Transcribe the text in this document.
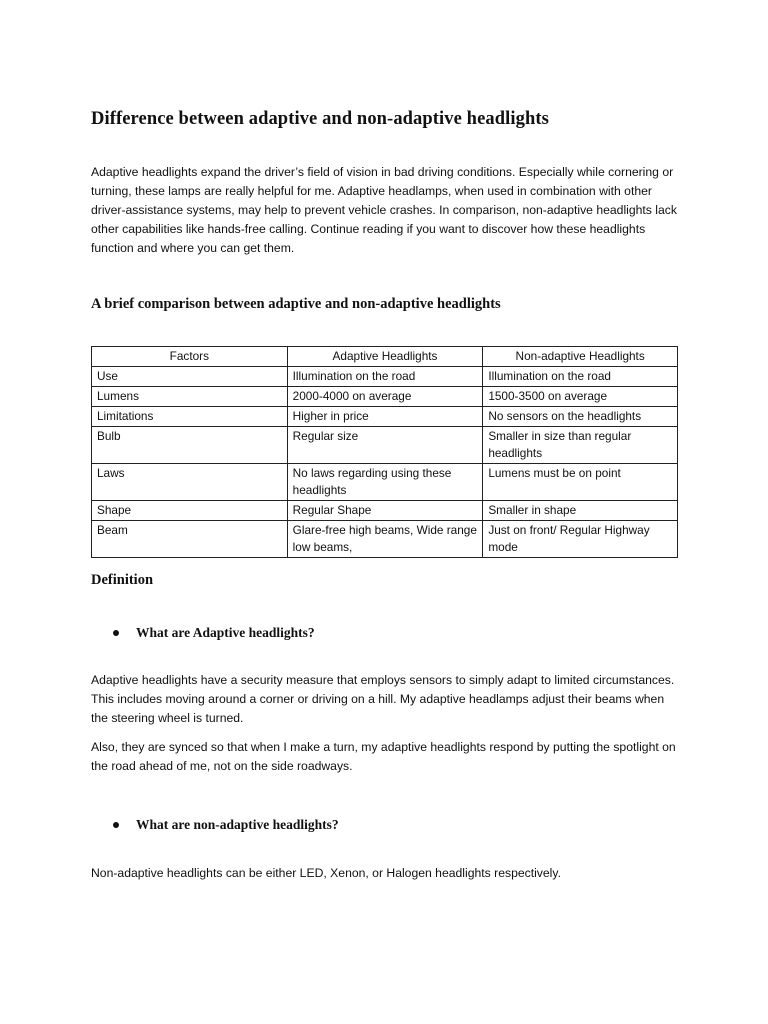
Difference between adaptive and non-adaptive headlights

Adaptive headlights expand the driver’s field of vision in bad driving conditions. Especially while cornering or turning, these lamps are really helpful for me. Adaptive headlamps, when used in combination with other driver-assistance systems, may help to prevent vehicle crashes. In comparison, non-adaptive headlights lack other capabilities like hands-free calling. Continue reading if you want to discover how these headlights function and where you can get them.

A brief comparison between adaptive and non-adaptive headlights
Factors	Adaptive Headlights	Non-adaptive Headlights
Use	Illumination on the road	Illumination on the road
Lumens	2000-4000 on average	1500-3500 on average
Limitations	Higher in price	No sensors on the headlights
Bulb	Regular size	Smaller in size than regular headlights
Laws	No laws regarding using these headlights	Lumens must be on point
Shape	Regular Shape	Smaller in shape
Beam	Glare-free high beams, Wide range low beams,	Just on front/ Regular Highway mode
Definition
What are Adaptive headlights?

Adaptive headlights have a security measure that employs sensors to simply adapt to limited circumstances. This includes moving around a corner or driving on a hill. My adaptive headlamps adjust their beams when the steering wheel is turned.

Also, they are synced so that when I make a turn, my adaptive headlights respond by putting the spotlight on the road ahead of me, not on the side roadways.

What are non-adaptive headlights?

Non-adaptive headlights can be either LED, Xenon, or Halogen headlights respectively.
